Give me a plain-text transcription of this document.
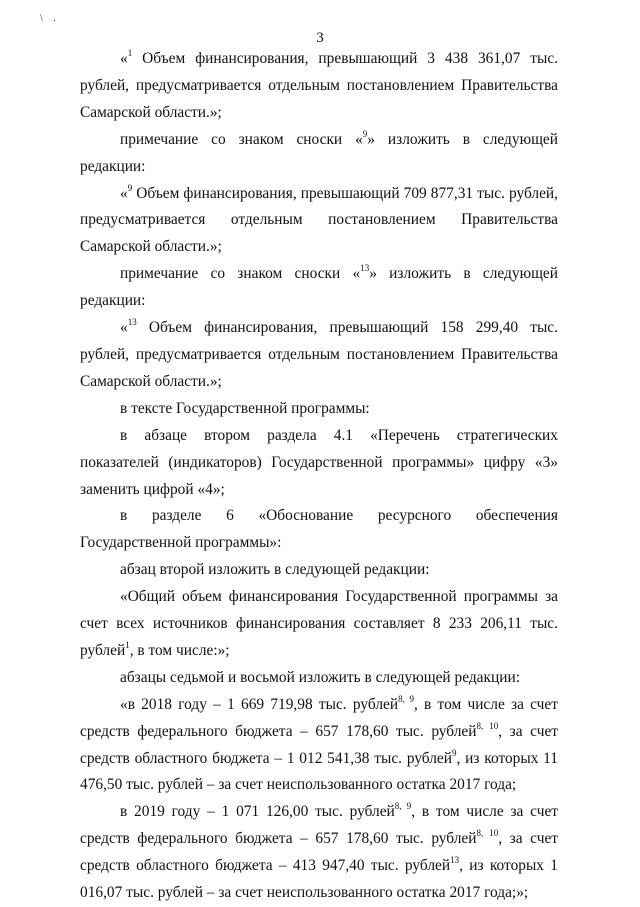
\ .
3

«$^1$ Объем финансирования, превышающий 3 438 361,07 тыс. рублей, предусматривается отдельным постановлением Правительства Самарской области.»;

примечание со знаком сноски «$^9$» изложить в следующей редакции:

«$^9$ Объем финансирования, превышающий 709 877,31 тыс. рублей, предусматривается отдельным постановлением Правительства Самарской области.»;

примечание со знаком сноски «$^{13}$» изложить в следующей редакции:

«$^{13}$ Объем финансирования, превышающий 158 299,40 тыс. рублей, предусматривается отдельным постановлением Правительства Самарской области.»;

в тексте Государственной программы:

в абзаце втором раздела 4.1 «Перечень стратегических показателей (индикаторов) Государственной программы» цифру «3» заменить цифрой «4»;

в разделе 6 «Обоснование ресурсного обеспечения Государственной программы»:

абзац второй изложить в следующей редакции:

«Общий объем финансирования Государственной программы за счет всех источников финансирования составляет 8 233 206,11 тыс. рублей$^1$, в том числе:»;

абзацы седьмой и восьмой изложить в следующей редакции:

«в 2018 году – 1 669 719,98 тыс. рублей$^{8, 9}$, в том числе за счет средств федерального бюджета – 657 178,60 тыс. рублей$^{8, 10}$, за счет средств областного бюджета – 1 012 541,38 тыс. рублей$^9$, из которых 11 476,50 тыс. рублей – за счет неиспользованного остатка 2017 года;

в 2019 году – 1 071 126,00 тыс. рублей$^{8, 9}$, в том числе за счет средств федерального бюджета – 657 178,60 тыс. рублей$^{8, 10}$, за счет средств областного бюджета – 413 947,40 тыс. рублей$^{13}$, из которых 1 016,07 тыс. рублей – за счет неиспользованного остатка 2017 года;»;
